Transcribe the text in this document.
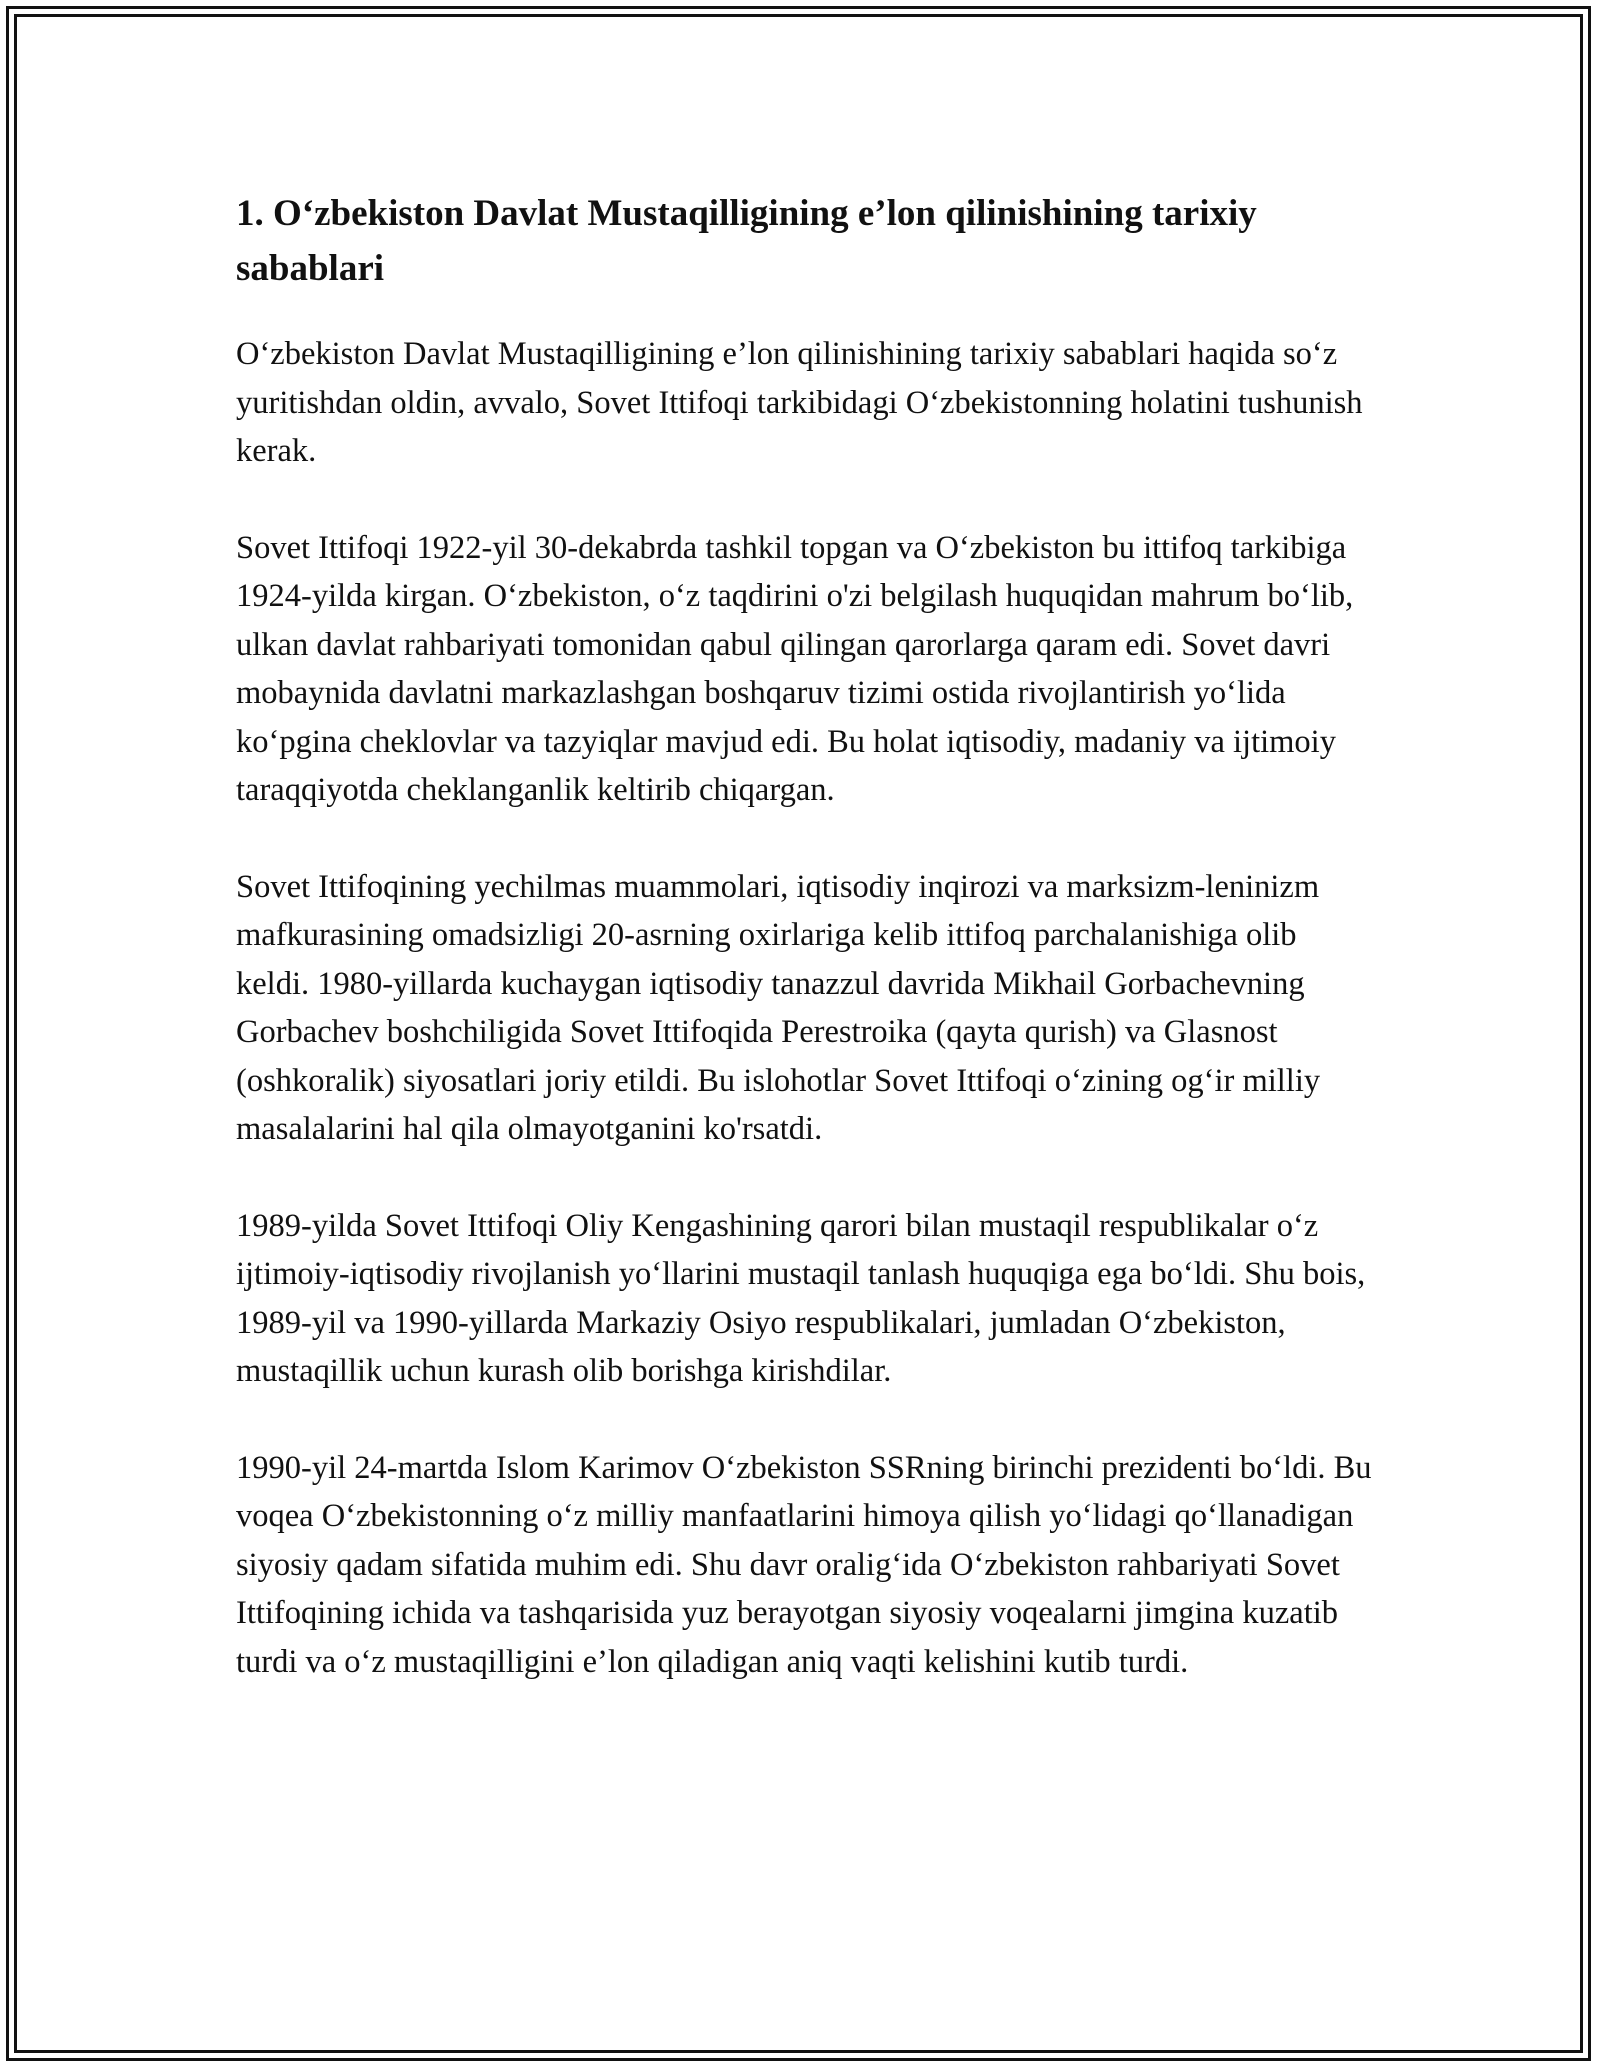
1. O‘zbekiston Davlat Mustaqilligining e’lon qilinishining tarixiy sabablari

O‘zbekiston Davlat Mustaqilligining e’lon qilinishining tarixiy sabablari haqida so‘z yuritishdan oldin, avvalo, Sovet Ittifoqi tarkibidagi O‘zbekistonning holatini tushunish kerak.

Sovet Ittifoqi 1922-yil 30-dekabrda tashkil topgan va O‘zbekiston bu ittifoq tarkibiga 1924-yilda kirgan. O‘zbekiston, o‘z taqdirini o'zi belgilash huquqidan mahrum bo‘lib, ulkan davlat rahbariyati tomonidan qabul qilingan qarorlarga qaram edi. Sovet davri mobaynida davlatni markazlashgan boshqaruv tizimi ostida rivojlantirish yo‘lida ko‘pgina cheklovlar va tazyiqlar mavjud edi. Bu holat iqtisodiy, madaniy va ijtimoiy taraqqiyotda cheklanganlik keltirib chiqargan.

Sovet Ittifoqining yechilmas muammolari, iqtisodiy inqirozi va marksizm-leninizm mafkurasining omadsizligi 20-asrning oxirlariga kelib ittifoq parchalanishiga olib keldi. 1980-yillarda kuchaygan iqtisodiy tanazzul davrida Mikhail Gorbachevning Gorbachev boshchiligida Sovet Ittifoqida Perestroika (qayta qurish) va Glasnost (oshkoralik) siyosatlari joriy etildi. Bu islohotlar Sovet Ittifoqi o‘zining og‘ir milliy masalalarini hal qila olmayotganini ko'rsatdi.

1989-yilda Sovet Ittifoqi Oliy Kengashining qarori bilan mustaqil respublikalar o‘z ijtimoiy-iqtisodiy rivojlanish yo‘llarini mustaqil tanlash huquqiga ega bo‘ldi. Shu bois, 1989-yil va 1990-yillarda Markaziy Osiyo respublikalari, jumladan O‘zbekiston, mustaqillik uchun kurash olib borishga kirishdilar.

1990-yil 24-martda Islom Karimov O‘zbekiston SSRning birinchi prezidenti bo‘ldi. Bu voqea O‘zbekistonning o‘z milliy manfaatlarini himoya qilish yo‘lidagi qo‘llanadigan siyosiy qadam sifatida muhim edi. Shu davr oralig‘ida O‘zbekiston rahbariyati Sovet Ittifoqining ichida va tashqarisida yuz berayotgan siyosiy voqealarni jimgina kuzatib turdi va o‘z mustaqilligini e’lon qiladigan aniq vaqti kelishini kutib turdi.
